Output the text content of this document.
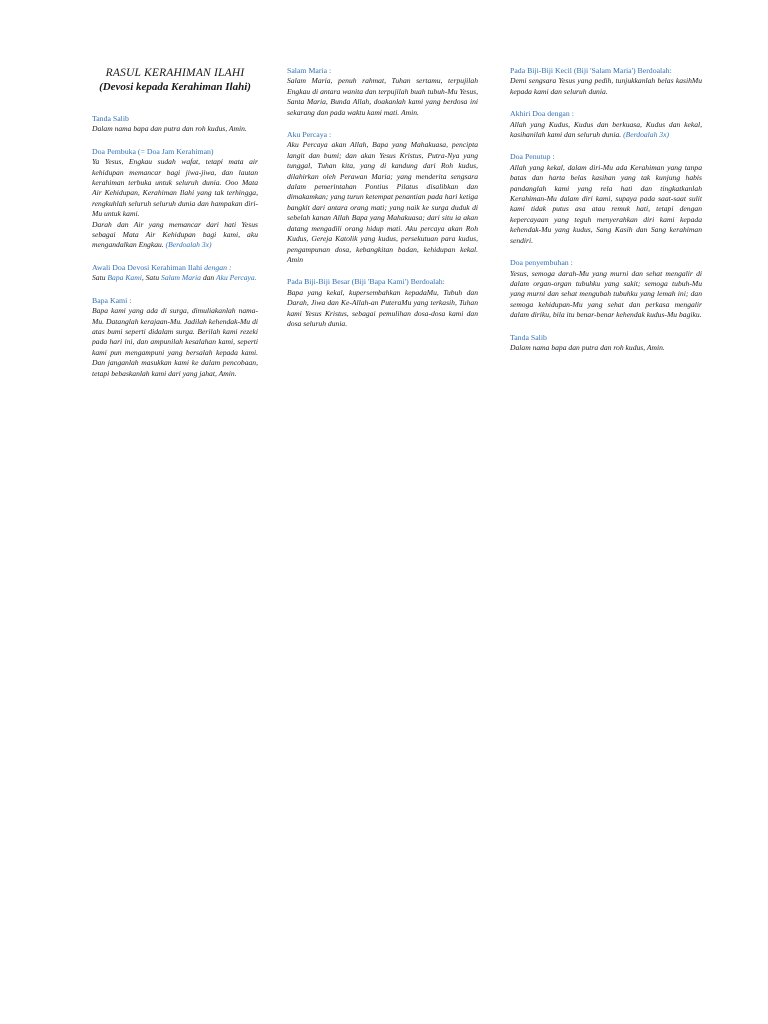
RASUL KERAHIMAN ILAHI
(Devosi kepada Kerahiman Ilahi)
Tanda Salib
Dalam nama bapa dan putra dan roh kudus, Amin.
Doa Pembuka (= Doa Jam Kerahiman)
Ya Yesus, Engkau sudah wafat, tetapi mata air kehidupan memancar bagi jiwa-jiwa, dan lautan kerahiman terbuka untuk seluruh dunia. Ooo Mata Air Kehidupan, Kerahiman Ilahi yang tak terhingga, rengkuhlah seluruh seluruh dunia dan hampakan diri-Mu untuk kami.
Darah dan Air yang memancar dari hati Yesus sebagai Mata Air Kehidupan bagi kami, aku mengandalkan Engkau. (Berdoalah 3x)
Awali Doa Devosi Kerahiman Ilahi dengan :
Satu Bapa Kami, Satu Salam Maria dan Aku Percaya.
Bapa Kami :
Bapa kami yang ada di surga, dimuliakanlah nama-Mu. Datanglah kerajaan-Mu. Jadilah kehendak-Mu di atas bumi seperti didalam surga. Berilah kami rezeki pada hari ini, dan ampunilah kesalahan kami, seperti kami pun mengampuni yang bersalah kepada kami. Dan janganlah masukkan kami ke dalam pencobaan, tetapi bebaskanlah kami dari yang jahat, Amin.
Salam Maria :
Salam Maria, penuh rahmat, Tuhan sertamu, terpujilah Engkau di antara wanita dan terpujilah buah tubuh-Mu Yesus, Santa Maria, Bunda Allah, doakanlah kami yang berdosa ini sekarang dan pada waktu kami mati. Amin.
Aku Percaya :
Aku Percaya akan Allah, Bapa yang Mahakuasa, pencipta langit dan bumi; dan akan Yesus Kristus, Putra-Nya yang tunggal, Tuhan kita, yang di kandung dari Roh kudus, dilahirkan oleh Perawan Maria; yang menderita sengsara dalam pemerintahan Pontius Pilatus disalibkan dan dimakamkan; yang turun ketempat penantian pada hari ketiga bangkit dari antara orang mati; yang naik ke surga duduk di sebelah kanan Allah Bapa yang Mahakuasa; dari situ ia akan datang mengadili orang hidup mati. Aku percaya akan Roh Kudus, Gereja Katolik yang kudus, persekutuan para kudus, pengampunan dosa, kebangkitan badan, kehidupan kekal. Amin
Pada Biji-Biji Besar (Biji 'Bapa Kami') Berdoalah:
Bapa yang kekal, kupersembahkan kepadaMu, Tubuh dan Darah, Jiwa dan Ke-Allah-an PuteraMu yang terkasih, Tuhan kami Yesus Kristus, sebagai pemulihan dosa-dosa kami dan dosa seluruh dunia.
Pada Biji-Biji Kecil (Biji 'Salam Maria') Berdoalah:
Demi sengsara Yesus yang pedih, tunjukkanlah belas kasihMu kepada kami dan seluruh dunia.
Akhiri Doa dengan :
Allah yang Kudus, Kudus dan berkuasa, Kudus dan kekal, kasihanilah kami dan seluruh dunia. (Berdoalah 3x)
Doa Penutup :
Allah yang kekal, dalam diri-Mu ada Kerahiman yang tanpa batas dan harta belas kasihan yang tak kunjung habis pandanglah kami yang rela hati dan tingkatkanlah Kerahiman-Mu dalam diri kami, supaya pada saat-saat sulit kami tidak putus asa atau remuk hati, tetapi dengan kepercayaan yang teguh menyerahkan diri kami kepada kehendak-Mu yang kudus, Sang Kasih dan Sang kerahiman sendiri.
Doa penyembuhan :
Yesus, semoga darah-Mu yang murni dan sehat mengalir di dalam organ-organ tubuhku yang sakit; semoga tubuh-Mu yang murni dan sehat mengubah tubuhku yang lemah ini; dan semoga kehidupan-Mu yang sehat dan perkasa mengalir dalam diriku, bila itu benar-benar kehendak kudus-Mu bagiku.
Tanda Salib
Dalam nama bapa dan putra dan roh kudus, Amin.
